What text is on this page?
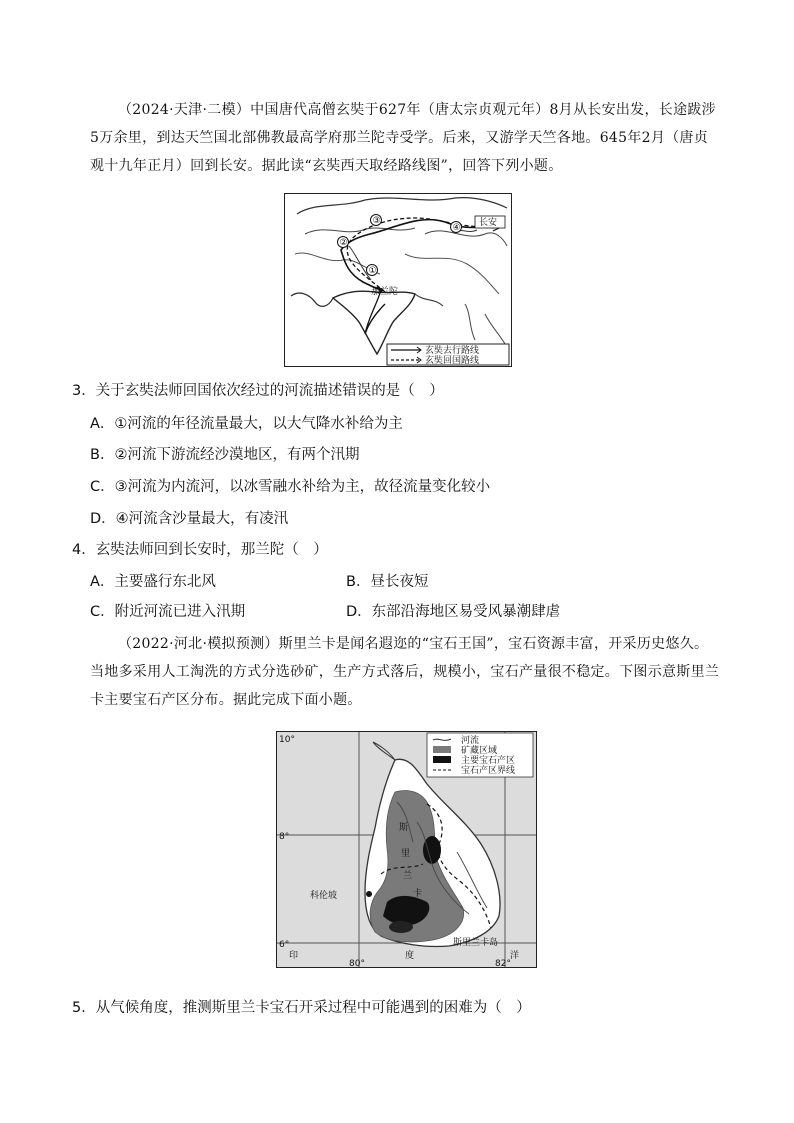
（2024·天津·二模）中国唐代高僧玄奘于627年（唐太宗贞观元年）8月从长安出发，长途跋涉5万余里，到达天竺国北部佛教最高学府那兰陀寺受学。后来，又游学天竺各地。645年2月（唐贞观十九年正月）回到长安。据此读“玄奘西天取经路线图”，回答下列小题。
③
④
②
①
长安
那兰陀
玄奘去行路线
玄奘回国路线
3．关于玄奘法师回国依次经过的河流描述错误的是（　）
A．①河流的年径流量最大，以大气降水补给为主
B．②河流下游流经沙漠地区，有两个汛期
C．③河流为内流河，以冰雪融水补给为主，故径流量变化较小
D．④河流含沙量最大，有凌汛
4．玄奘法师回到长安时，那兰陀（　）
A．主要盛行东北风	B．昼长夜短
C．附近河流已进入汛期	D．东部沿海地区易受风暴潮肆虐
（2022·河北·模拟预测）斯里兰卡是闻名遐迩的“宝石王国”，宝石资源丰富，开采历史悠久。当地多采用人工淘洗的方式分选砂矿，生产方式落后，规模小，宝石产量很不稳定。下图示意斯里兰卡主要宝石产区分布。据此完成下面小题。
科伦坡
斯
里
兰
卡
斯里兰卡岛
河流
矿藏区域
主要宝石产区
宝石产区界线
10°
8°
6°
印	度	洋
80°	82°
5．从气候角度，推测斯里兰卡宝石开采过程中可能遇到的困难为（　）
